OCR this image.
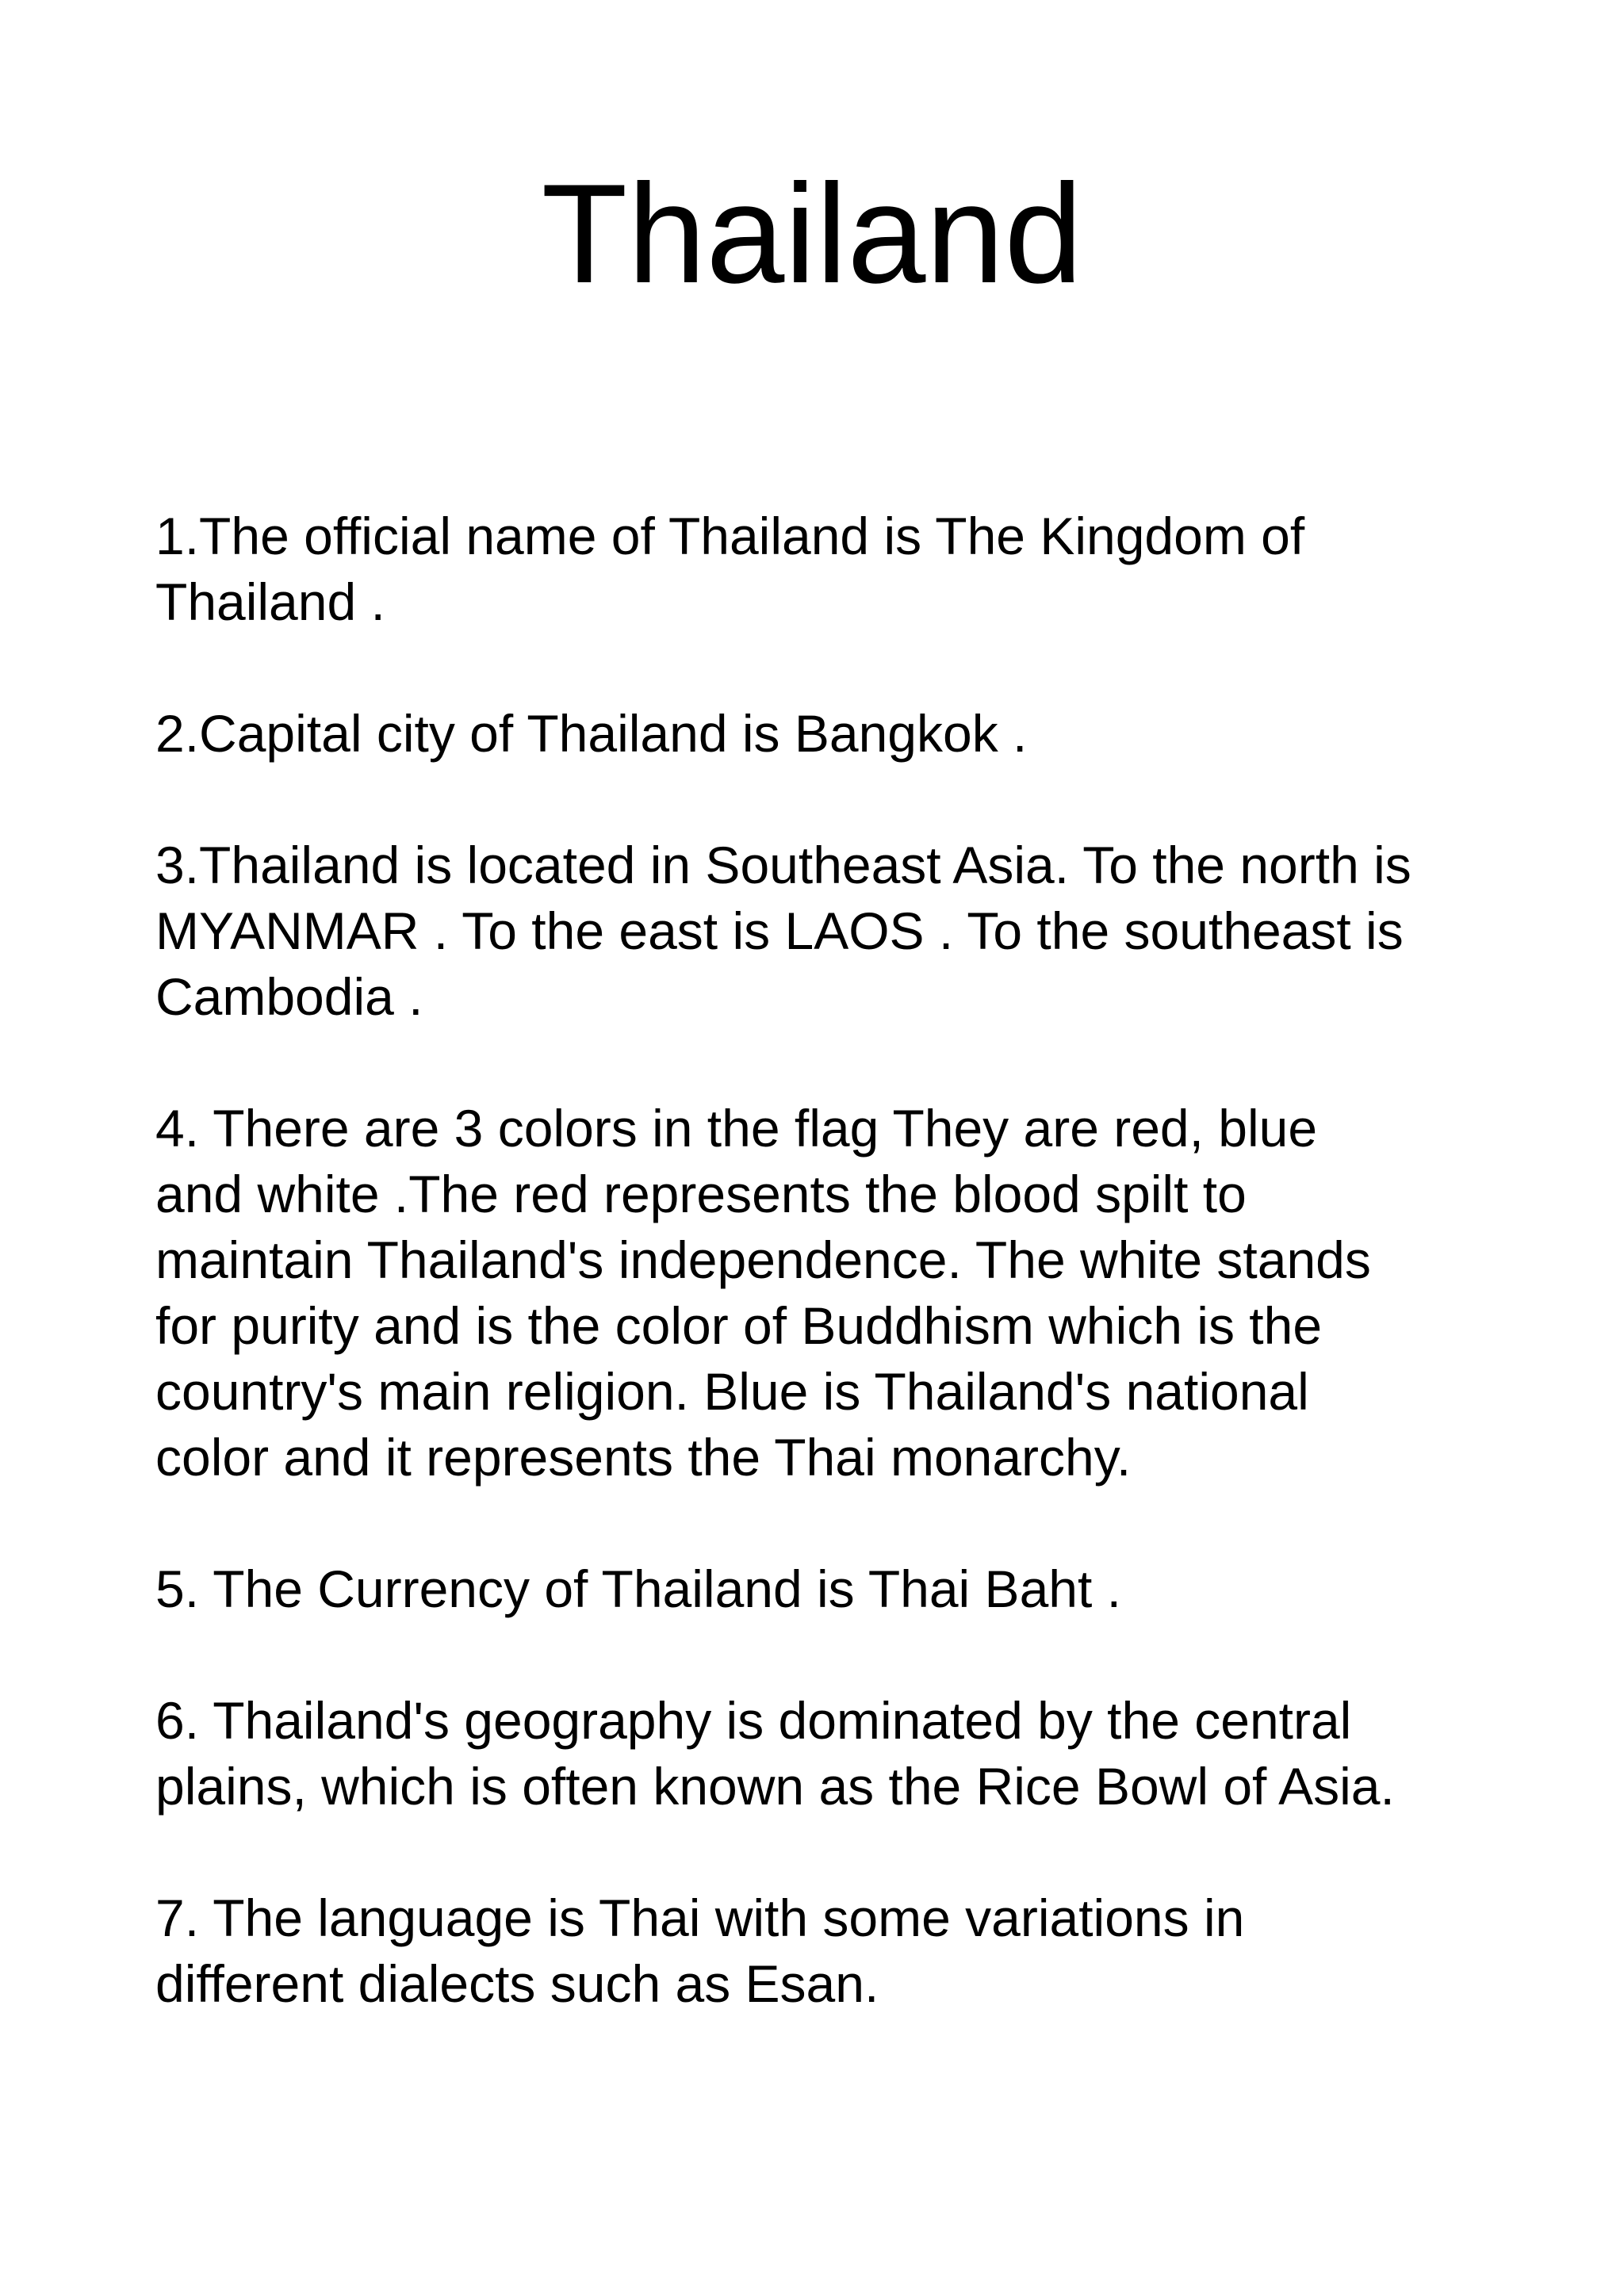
Thailand
1.The official name of Thailand is The Kingdom of
Thailand .
2.Capital city of Thailand is Bangkok .
3.Thailand is located in Southeast Asia. To the north is
MYANMAR . To the east is LAOS . To the southeast is
Cambodia .
4. There are 3 colors in the flag They are red, blue
and white .The red represents the blood spilt to
maintain Thailand's independence. The white stands
for purity and is the color of Buddhism which is the
country's main religion. Blue is Thailand's national
color and it represents the Thai monarchy.
5. The Currency of Thailand is Thai Baht .
6. Thailand's geography is dominated by the central
plains, which is often known as the Rice Bowl of Asia.
7. The language is Thai with some variations in
different dialects such as Esan.
